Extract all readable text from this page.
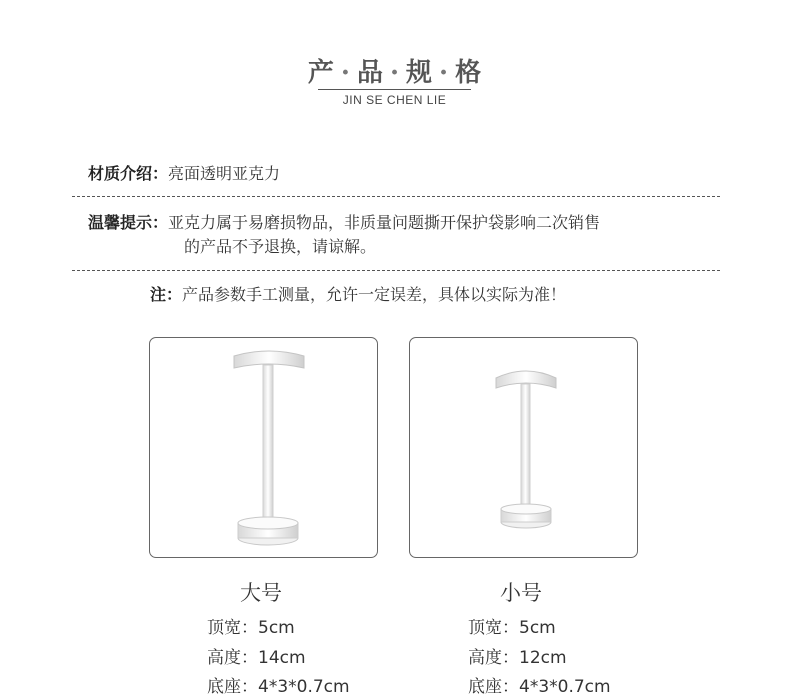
产 · 品 · 规 · 格
JIN SE CHEN LIE
材质介绍：亮面透明亚克力
温馨提示：亚克力属于易磨损物品，非质量问题撕开保护袋影响二次销售
的产品不予退换，请谅解。
注：产品参数手工测量，允许一定误差，具体以实际为准！
大号
顶宽：5cm
高度：14cm
底座：4*3*0.7cm
小号
顶宽：5cm
高度：12cm
底座：4*3*0.7cm
